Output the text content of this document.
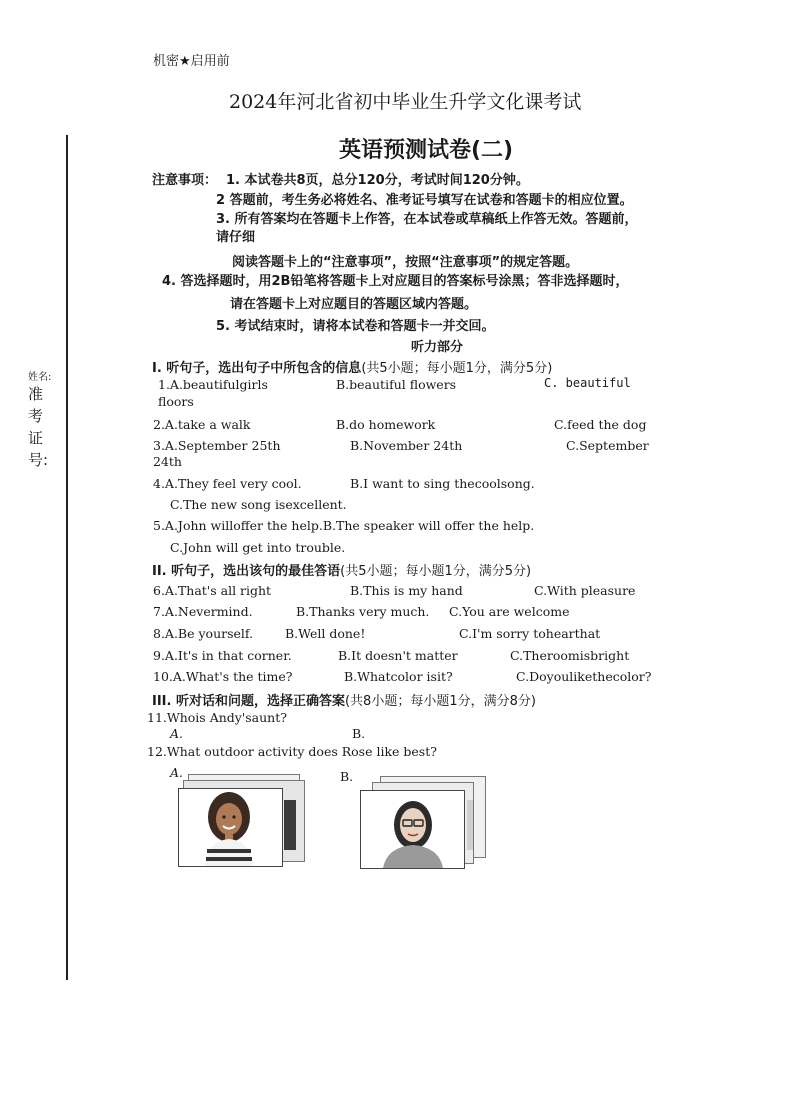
姓名:
准
考
证
号:
机密★启用前
2024年河北省初中毕业生升学文化课考试
英语预测试卷(二)
注意事项： 1. 本试卷共8页，总分120分，考试时间120分钟。
2 答题前，考生务必将姓名、准考证号填写在试卷和答题卡的相应位置。
3. 所有答案均在答题卡上作答，在本试卷或草稿纸上作答无效。答题前，
请仔细
阅读答题卡上的“注意事项”，按照“注意事项”的规定答题。
4. 答选择题时，用2B铅笔将答题卡上对应题目的答案标号涂黑；答非选择题时，
请在答题卡上对应题目的答题区域内答题。
5. 考试结束时，请将本试卷和答题卡一并交回。
听力部分
I. 听句子，选出句子中所包含的信息(共5小题；每小题1分，满分5分)
1.A.beautifulgirls	B.beautiful flowers	C. beautiful
floors
2.A.take a walk	B.do homework	C.feed the dog
3.A.September 25th	B.November 24th	C.September
24th
4.A.They feel very cool.	B.I want to sing thecoolsong.
C.The new song isexcellent.
5.A.John willoffer the help.B.The speaker will offer the help.
C.John will get into trouble.
II. 听句子，选出该句的最佳答语(共5小题；每小题1分，满分5分)
6.A.That's all right	B.This is my hand	C.With pleasure
7.A.Nevermind.	B.Thanks very much. C.You are welcome
8.A.Be yourself.	B.Well done!	C.I'm sorry tohearthat
9.A.It's in that corner.	B.It doesn't matter	C.Theroomisbright
10.A.What's the time?	B.Whatcolor isit?	C.Doyoulikethecolor?
III. 听对话和问题，选择正确答案(共8小题；每小题1分，满分8分)
11.Whois Andy'saunt?
A.	B.
12.What outdoor activity does Rose like best?
A.	B.
